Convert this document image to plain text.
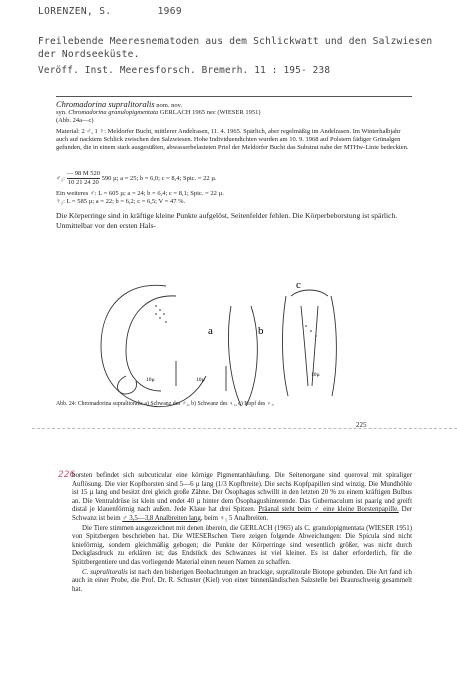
LORENZEN, S.	1969
Freilebende Meeresnematoden aus dem Schlickwatt und den Salzwiesen der Nordseeküste.
Veröff. Inst. Meeresforsch. Bremerh. 11 : 195- 238
Chromadorina supralitoralis nom. nov.
syn. Chromadorina granulopigmentata GERLACH 1965 nec (WIESER 1951)
(Abb. 24a—c)
Material: 2 ♂, 1 ♀: Meldorfer Bucht, mittlerer Andelrasen, 11. 4. 1965. Spärlich, aber regelmäßig im Andelrasen. Im Winterhalbjahr auch auf nacktem Schlick zwischen den Salzwiesen. Hohe Individuendichten wurden am 10. 9. 1968 auf Polstern fädiger Grünalgen gefunden, die in einem stark ausgesüßten, abwasserbelasteten Priel der Meldorfer Bucht das Substrat nahe der MTHw-Linie bedeckten.
♂₁: $\frac{— 98 M 520}{10 21 24 20} 590$ µ; a = 25; b = 6,0; c = 8,4; Spic. = 22 µ.
Ein weiteres ♂: L = 605 µ; a = 24; b = 6,4; c = 8,1; Spic. = 22 µ.
♀₁: L = 585 µ; a = 22; b = 6,2; c = 6,5; V = 47 %.
Die Körperringe sind in kräftige kleine Punkte aufgelöst, Seitenfelder fehlen. Die Körperbeborstung ist spärlich. Unmittelbar vor den ersten Hals-
a	b
c
10µ	10µ
10µ
Abb. 24: Chromadorina supralitoralis a) Schwanz des ♂₁, b) Schwanz des ♀₁, c) Kopf des ♀₁.
225
226

borsten befindet sich subcuticular eine körnige Pigmentanhäufung. Die Seitenorgane sind queroval mit spiraliger Auflösung. Die vier Kopfborsten sind 5—6 µ lang (1/3 Kopfbreite). Die sechs Kopfpapillen sind winzig. Die Mundhöhle ist 15 µ lang und besitzt drei gleich große Zähne. Der Ösophagus schwillt in den letzten 20 % zu einem kräftigen Bulbus an. Die Ventraldrüse ist klein und endet 40 µ hinter dem Ösophagushinterende. Das Gubernaculum ist paarig und greift distal je klauenförmig nach außen. Jede Klaue hat drei Spitzen. Präanal steht beim ♂ eine kleine Borstenpapille. Der Schwanz ist beim ♂ 3,5—3,8 Analbreiten lang, beim ♀₁ 5 Analbreiten.

Die Tiere stimmen ausgezeichnet mit denen überein, die GERLACH (1965) als C. granulopigmentata (WIESER 1951) von Spitzbergen beschrieben hat. Die WIESERschen Tiere zeigen folgende Abweichungen: Die Spicula sind nicht knieförmig, sondern gleichmäßig gebogen; die Punkte der Körperringe sind wesentlich größer, was nicht durch Deckglasdruck zu erklären ist; das Endstück des Schwanzes ist viel kleiner. Es ist daher erforderlich, für die Spitzbergentiere und das vorliegende Material einen neuen Namen zu schaffen.

C. supralitoralis ist nach den bisherigen Beobachtungen an brackige, supralitorale Biotope gebunden. Die Art fand ich auch in einer Probe, die Prof. Dr. R. Schuster (Kiel) von einer binnenländischen Salzstelle bei Braunschweig gesammelt hat.
